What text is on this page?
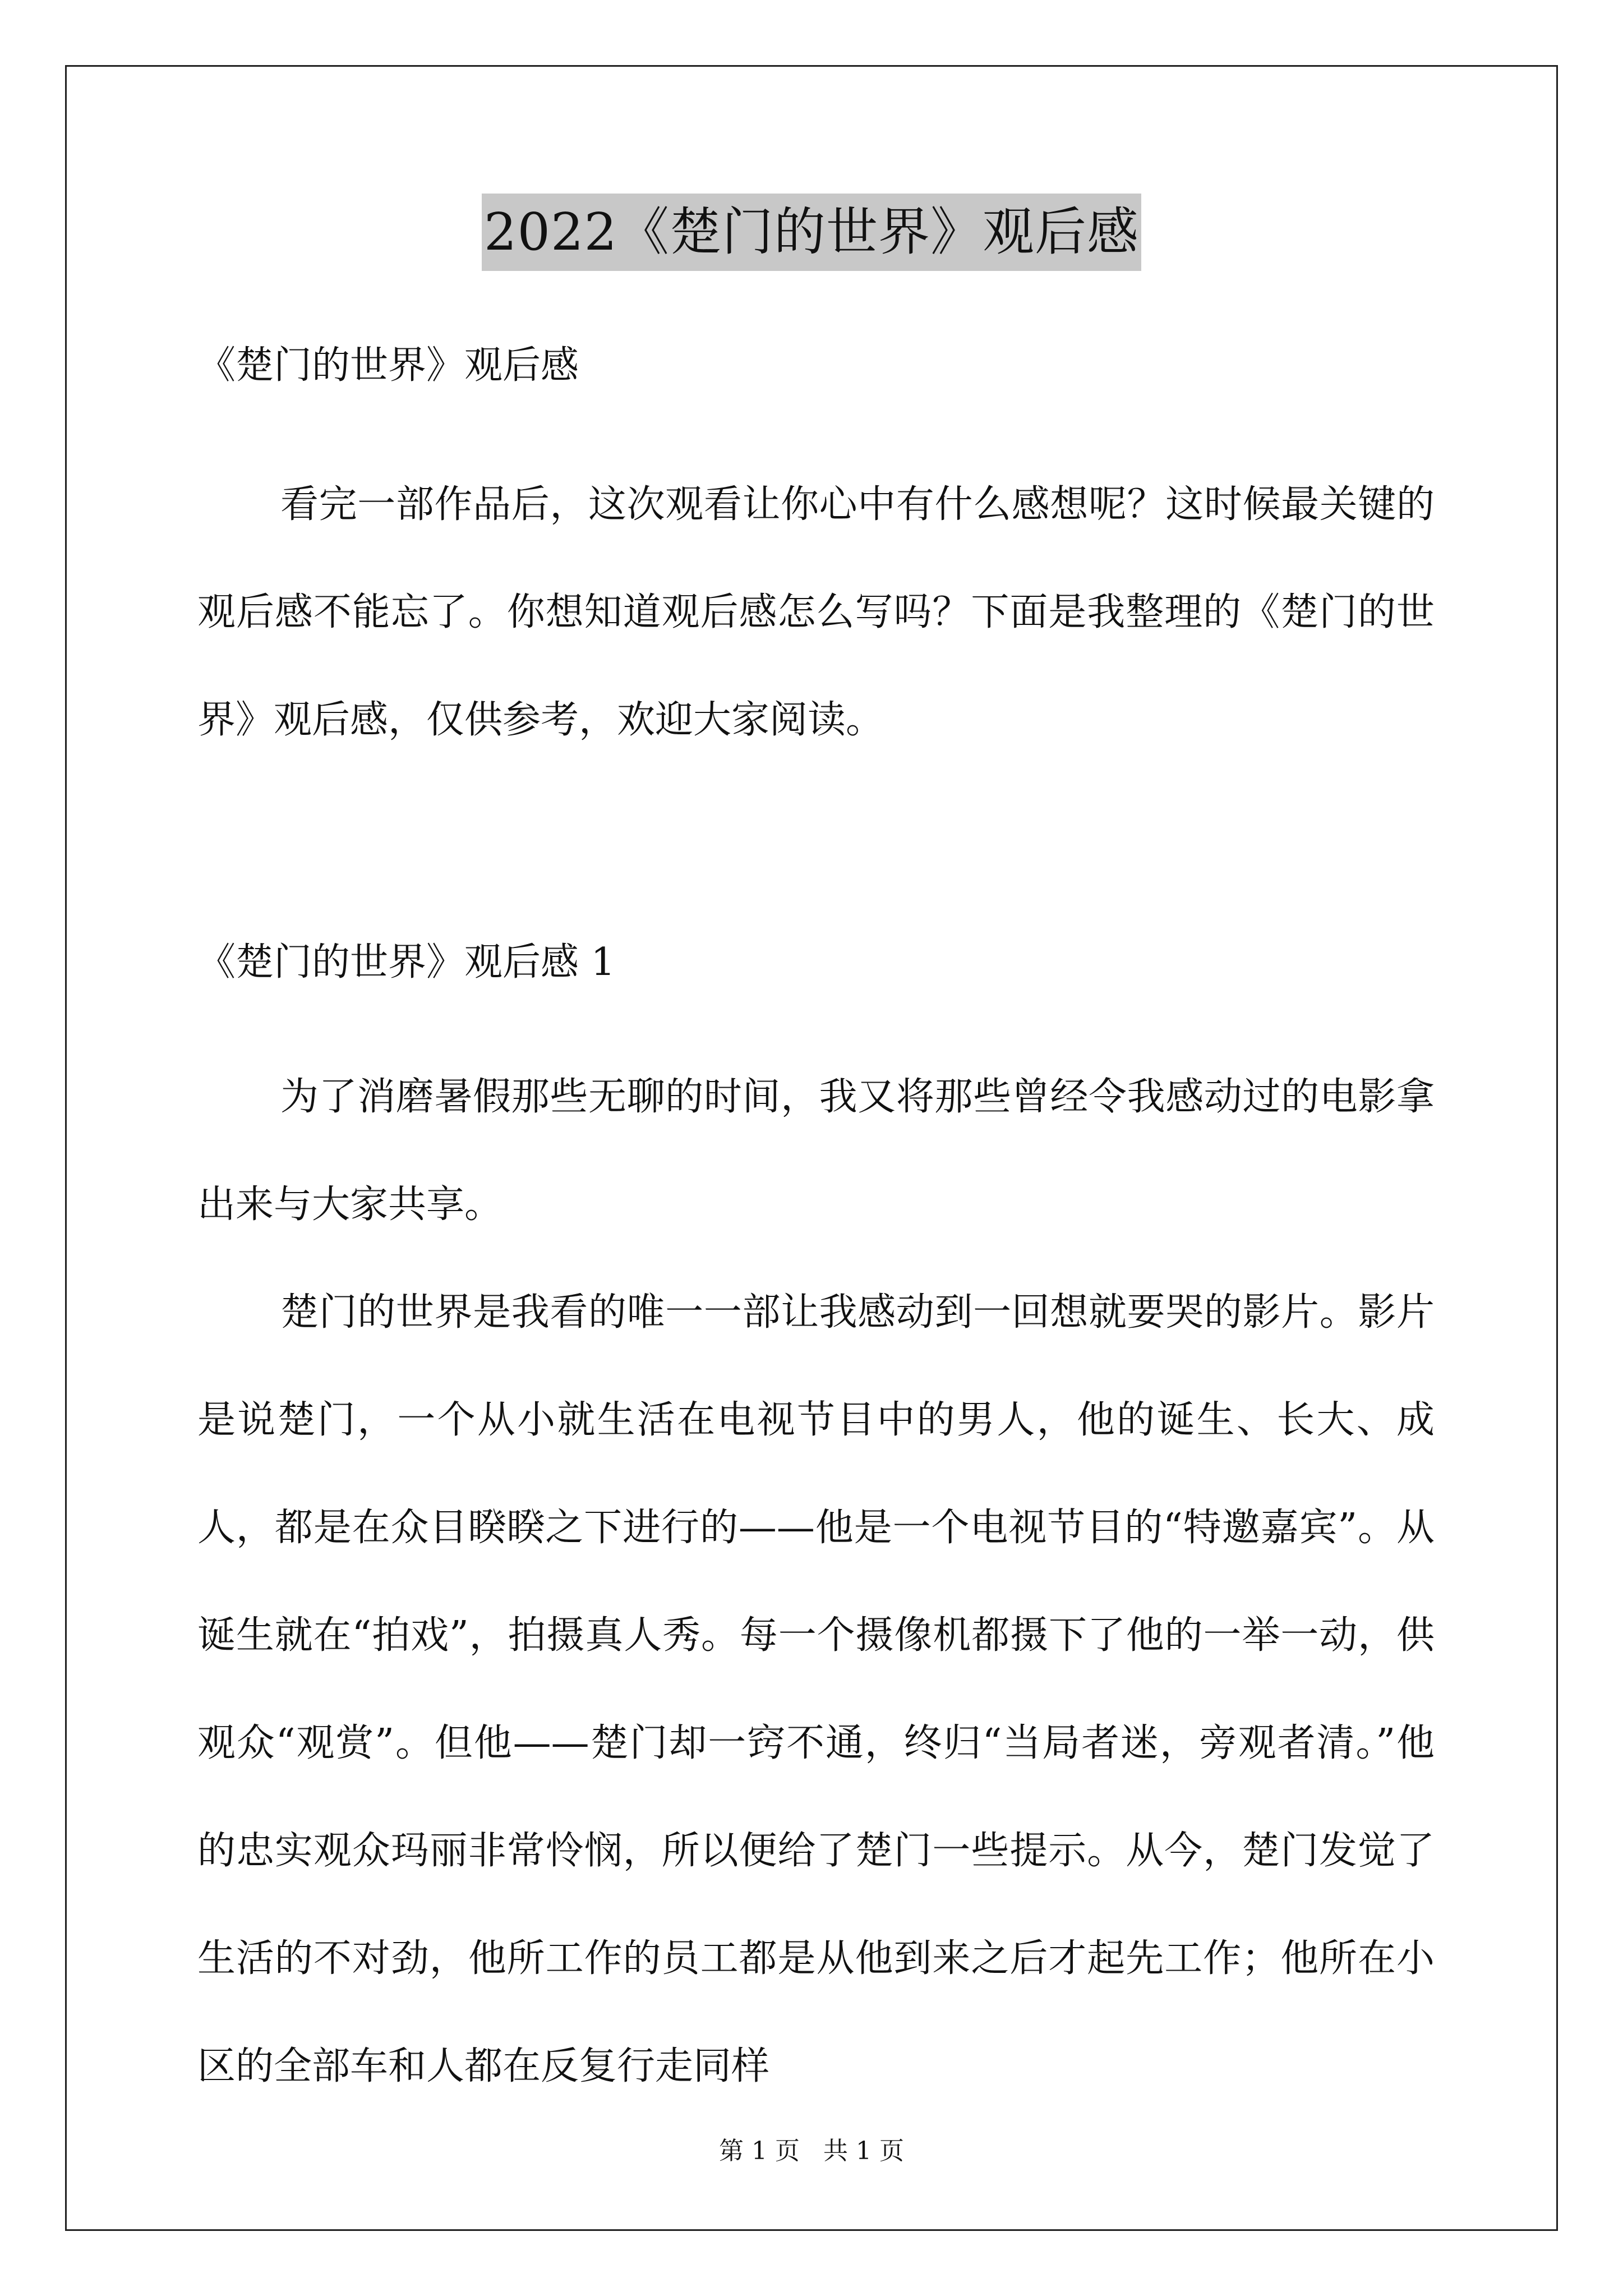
2022《楚门的世界》观后感

《楚门的世界》观后感

看完一部作品后，这次观看让你心中有什么感想呢？这时候最关键的观后感不能忘了。你想知道观后感怎么写吗？下面是我整理的《楚门的世界》观后感，仅供参考，欢迎大家阅读。

《楚门的世界》观后感 1

为了消磨暑假那些无聊的时间，我又将那些曾经令我感动过的电影拿出来与大家共享。

楚门的世界是我看的唯一一部让我感动到一回想就要哭的影片。影片是说楚门，一个从小就生活在电视节目中的男人，他的诞生、长大、成人，都是在众目睽睽之下进行的——他是一个电视节目的“特邀嘉宾”。从诞生就在“拍戏”，拍摄真人秀。每一个摄像机都摄下了他的一举一动，供观众“观赏”。但他——楚门却一窍不通，终归“当局者迷，旁观者清。”他的忠实观众玛丽非常怜悯，所以便给了楚门一些提示。从今，楚门发觉了生活的不对劲，他所工作的员工都是从他到来之后才起先工作；他所在小区的全部车和人都在反复行走同样

第 1 页   共 1 页
